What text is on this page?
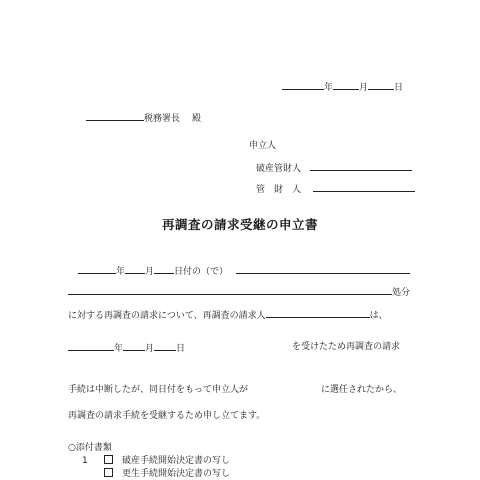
年	月	日
税務署長 殿
申立人
破産管財人
管　財　人
再調査の請求受継の申立書
年 月 日付の（で）
処分
に対する再調査の請求について、再調査の請求人	は、
年 月 日	を受けたため再調査の請求
手続は中断したが、同日付をもって申立人が	に選任されたから、
再調査の請求手続を受継するため申し立てます。
○添付書類
1	破産手続開始決定書の写し
更生手続開始決定書の写し
